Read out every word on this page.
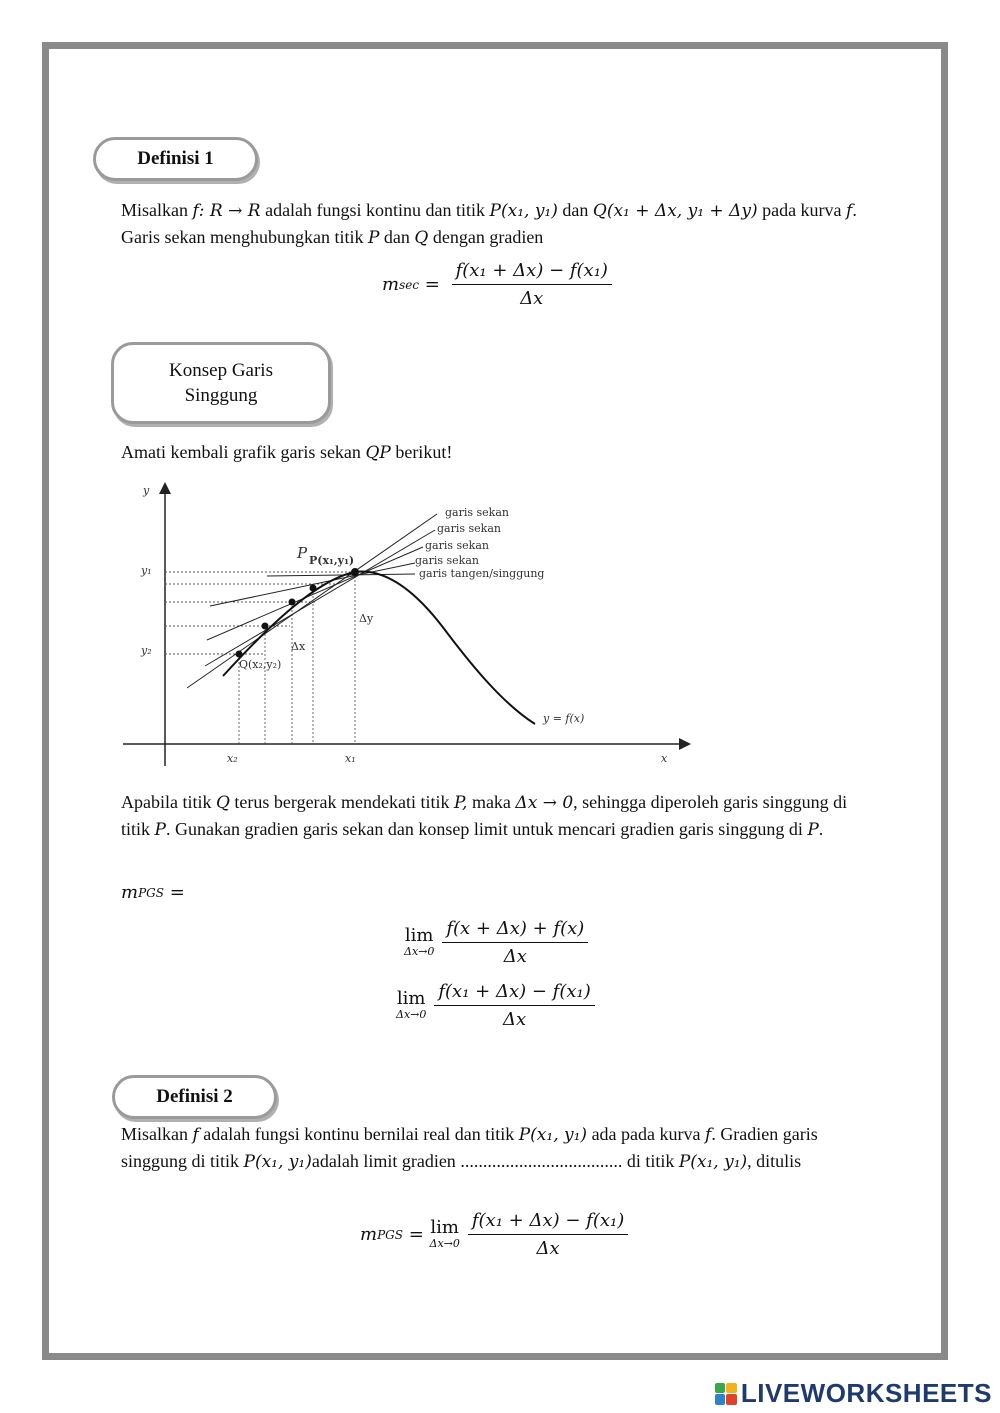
Definisi 1
Misalkan f: R → R adalah fungsi kontinu dan titik P(x₁, y₁) dan Q(x₁ + Δx, y₁ + Δy) pada kurva f. Garis sekan menghubungkan titik P dan Q dengan gradien
m $\sec = \frac{\text{f(x₁ + Δx) − f(x₁)}}{\Delta x}$
Konsep Garis Singgung
Amati kembali grafik garis sekan QP berikut!
y
x
y₁
y₂
x₂	x₁
P P(x₁,y₁)
Q(x₂,y₂)
Δx
Δy
y = f(x)
garis sekan
garis sekan
garis sekan
garis sekan
garis tangen/singgung
Apabila titik Q terus bergerak mendekati titik P, maka Δx → 0, sehingga diperoleh garis singgung di titik P. Gunakan gradien garis sekan dan konsep limit untuk mencari gradien garis singgung di P.
m PGS =
lim
$\Delta x\to 0 \frac{f(x + \Delta x) + f(x)}{\Delta x}$
lim
$\Delta x\to 0 \frac{\text{f(x₁ + Δx) − f(x₁)}}{\Delta x}$
Definisi 2
Misalkan f adalah fungsi kontinu bernilai real dan titik P(x₁, y₁) ada pada kurva f. Gradien garis singgung di titik P(x₁, y₁)adalah limit gradien .................................... di titik P(x₁, y₁), ditulis
m PGS = lim
$\Delta x\to 0 \frac{\text{f(x₁ + Δx) − f(x₁)}}{\Delta x}$
LIVEWORKSHEETS
